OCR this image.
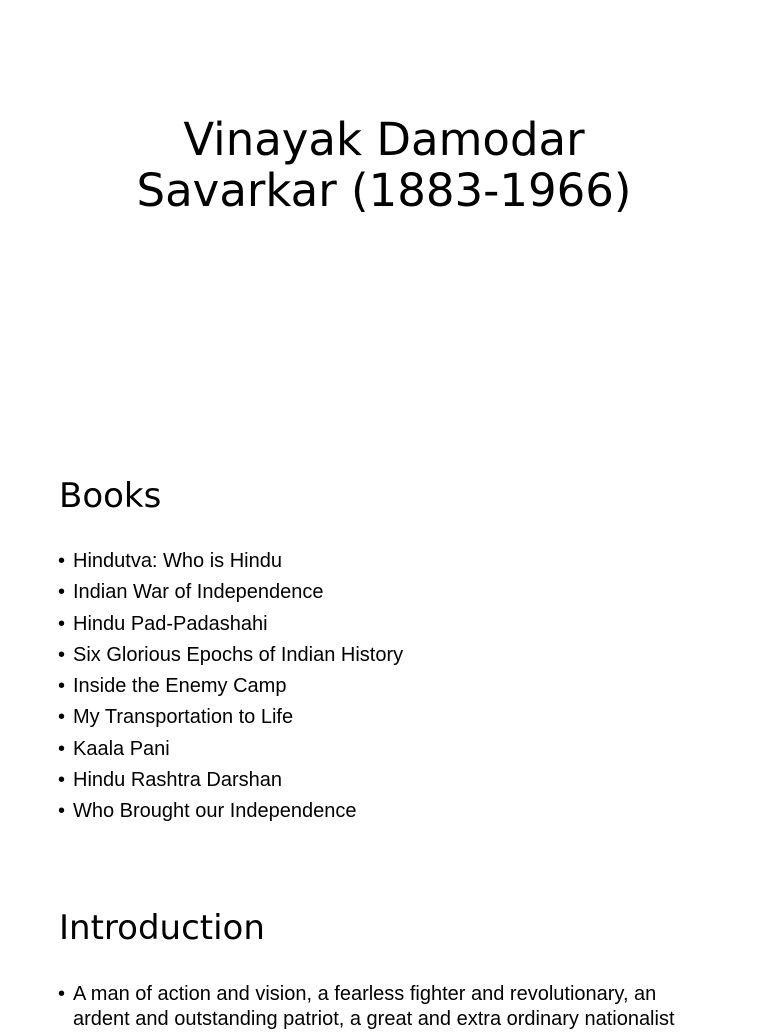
Vinayak Damodar
Savarkar (1883-1966)
Books
• Hindutva: Who is Hindu
• Indian War of Independence
• Hindu Pad-Padashahi
• Six Glorious Epochs of Indian History
• Inside the Enemy Camp
• My Transportation to Life
• Kaala Pani
• Hindu Rashtra Darshan
• Who Brought our Independence
Introduction
• A man of action and vision, a fearless fighter and revolutionary, an ardent and outstanding patriot, a great and extra ordinary nationalist
